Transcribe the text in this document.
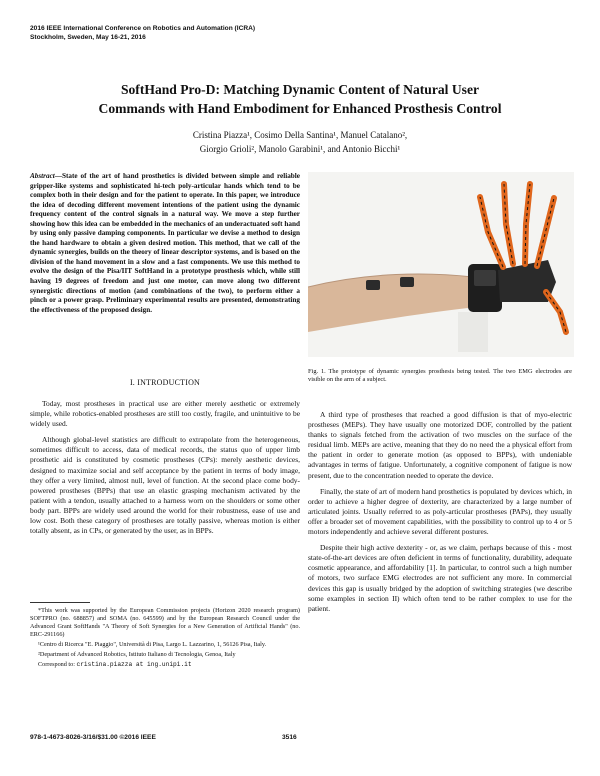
2016 IEEE International Conference on Robotics and Automation (ICRA)
Stockholm, Sweden, May 16-21, 2016
SoftHand Pro-D: Matching Dynamic Content of Natural User
Commands with Hand Embodiment for Enhanced Prosthesis Control
Cristina Piazza¹, Cosimo Della Santina¹, Manuel Catalano²,
Giorgio Grioli², Manolo Garabini¹, and Antonio Bicchi¹
Abstract—State of the art of hand prosthetics is divided between simple and reliable gripper-like systems and sophisticated hi-tech poly-articular hands which tend to be complex both in their design and for the patient to operate. In this paper, we introduce the idea of decoding different movement intentions of the patient using the dynamic frequency content of the control signals in a natural way. We move a step further showing how this idea can be embedded in the mechanics of an underactuated soft hand by using only passive damping components. In particular we devise a method to design the hand hardware to obtain a given desired motion. This method, that we call of the dynamic synergies, builds on the theory of linear descriptor systems, and is based on the division of the hand movement in a slow and a fast components. We use this method to evolve the design of the Pisa/IIT SoftHand in a prototype prosthesis which, while still having 19 degrees of freedom and just one motor, can move along two different synergistic directions of motion (and combinations of the two), to perform either a pinch or a power grasp. Preliminary experimental results are presented, demonstrating the effectiveness of the proposed design.
I. INTRODUCTION

Today, most prostheses in practical use are either merely aesthetic or extremely simple, while robotics-enabled prostheses are still too costly, fragile, and unintuitive to be widely used.

Although global-level statistics are difficult to extrapolate from the heterogeneous, sometimes difficult to access, data of medical records, the status quo of upper limb prosthetic aid is constituted by cosmetic prostheses (CPs): merely aesthetic devices, designed to maximize social and self acceptance by the patient in terms of body image, they offer a very limited, almost null, level of function. At the second place come body-powered prostheses (BPPs) that use an elastic grasping mechanism activated by the patient with a tendon, usually attached to a harness worn on the shoulders or some other body part. BPPs are widely used around the world for their robustness, ease of use and low cost. Both these category of prostheses are totally passive, whereas motion is either totally absent, as in CPs, or generated by the user, as in BPPs.

*This work was supported by the European Commission projects (Horizon 2020 research program) SOFTPRO (no. 688857) and SOMA (no. 645599) and by the European Research Council under the Advanced Grant SoftHands "A Theory of Soft Synergies for a New Generation of Artificial Hands" (no. ERC-291166)

¹Centro di Ricerca "E. Piaggio", Università di Pisa, Largo L. Lazzarino, 1, 56126 Pisa, Italy.

²Department of Advanced Robotics, Istituto Italiano di Tecnologia, Genoa, Italy

Correspond to: cristina.piazza at ing.unipi.it

Fig. 1. The prototype of dynamic synergies prosthesis being tested. The two EMG electrodes are visible on the arm of a subject.

A third type of prostheses that reached a good diffusion is that of myo-electric prostheses (MEPs). They have usually one motorized DOF, controlled by the patient thanks to signals fetched from the activation of two muscles on the surface of the residual limb. MEPs are active, meaning that they do no need the a physical effort from the patient in order to generate motion (as opposed to BPPs), with undeniable advantages in terms of fatigue. Unfortunately, a cognitive component of fatigue is now present, due to the concentration needed to operate the device.

Finally, the state of art of modern hand prosthetics is populated by devices which, in order to achieve a higher degree of dexterity, are characterized by a large number of articulated joints. Usually referred to as poly-articular prostheses (PAPs), they usually offer a broader set of movement capabilities, with the possibility to control up to 4 or 5 motors independently and achieve several different postures.

Despite their high active dexterity - or, as we claim, perhaps because of this - most state-of-the-art devices are often deficient in terms of functionality, durability, adequate cosmetic appearance, and affordability [1]. In particular, to control such a high number of motors, two surface EMG electrodes are not sufficient any more. In commercial devices this gap is usually bridged by the adoption of switching strategies (we describe some examples in section II) which often tend to be rather complex to use for the patient.

978-1-4673-8026-3/16/$31.00 ©2016 IEEE	3516
